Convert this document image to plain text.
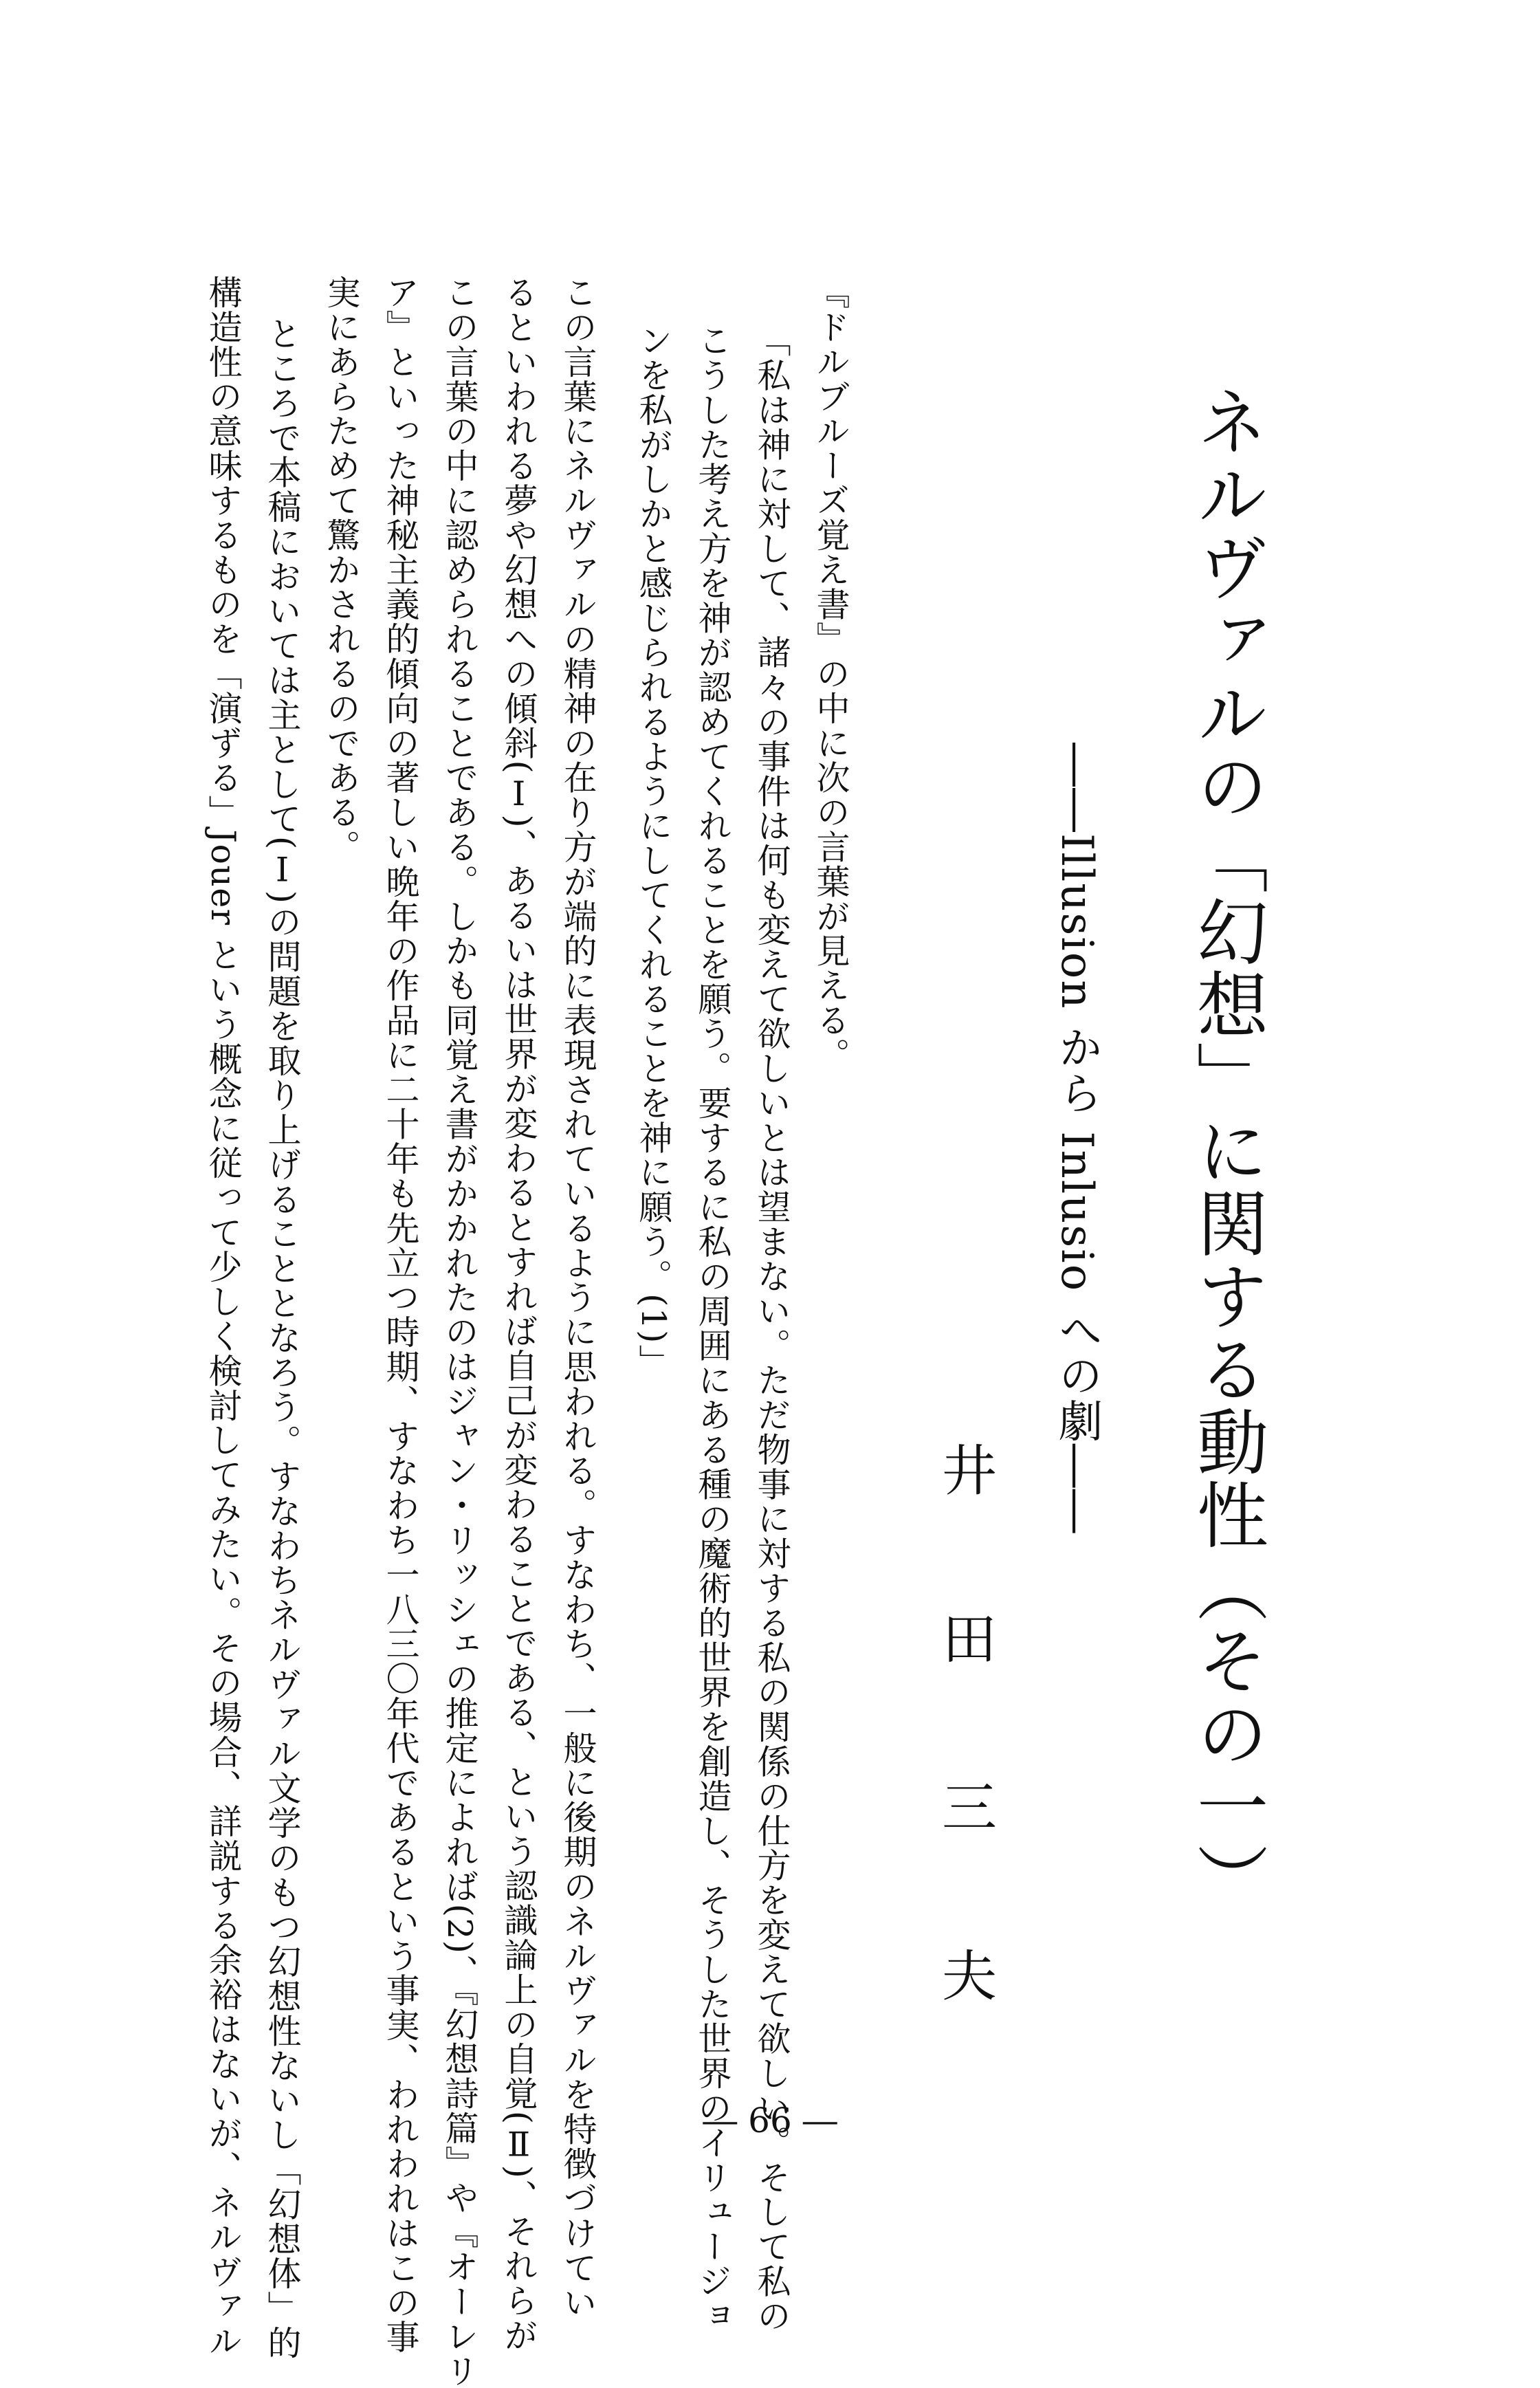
ネルヴァルの「幻想」に関する動性（その一）
――Illusion から Inlusio への劇――
井
田
三
夫
『ドルブルーズ覚え書』の中に次の言葉が見える。
「私は神に対して、諸々の事件は何も変えて欲しいとは望まない。ただ物事に対する私の関係の仕方を変えて欲しい。そして私の
こうした考え方を神が認めてくれることを願う。要するに私の周囲にある種の魔術的世界を創造し、そうした世界のイリュージョ
ンを私がしかと感じられるようにしてくれることを神に願う。(1)」
この言葉にネルヴァルの精神の在り方が端的に表現されているように思われる。すなわち、一般に後期のネルヴァルを特徴づけてい
るといわれる夢や幻想への傾斜(Ⅰ)、あるいは世界が変わるとすれば自己が変わることである、という認識論上の自覚(Ⅱ)、それらが
この言葉の中に認められることである。しかも同覚え書がかかれたのはジャン・リッシェの推定によれば(2)、『幻想詩篇』や『オーレリ
ア』といった神秘主義的傾向の著しい晩年の作品に二十年も先立つ時期、すなわち一八三〇年代であるという事実、われわれはこの事
実にあらためて驚かされるのである。
ところで本稿においては主として(Ⅰ)の問題を取り上げることとなろう。すなわちネルヴァル文学のもつ幻想性ないし「幻想体」的
構造性の意味するものを「演ずる」Jouer という概念に従って少しく検討してみたい。その場合、詳説する余裕はないが、ネルヴァル	― 66 ―
